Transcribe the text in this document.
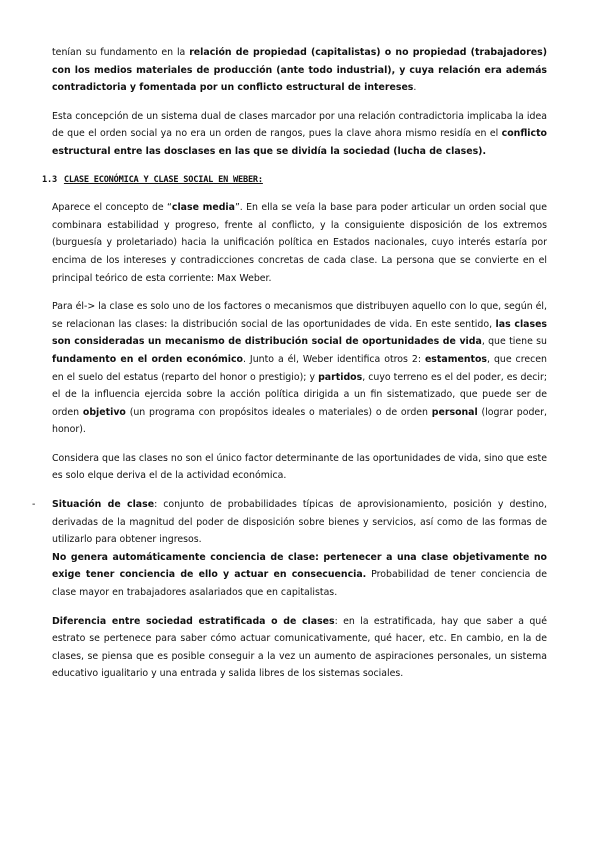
tenían su fundamento en la relación de propiedad (capitalistas) o no propiedad (trabajadores) con los medios materiales de producción (ante todo industrial), y cuya relación era además contradictoria y fomentada por un conflicto estructural de intereses.

Esta concepción de un sistema dual de clases marcador por una relación contradictoria implicaba la idea de que el orden social ya no era un orden de rangos, pues la clave ahora mismo residía en el conflicto estructural entre las dosclases en las que se dividía la sociedad (lucha de clases).

1.3 CLASE ECONÓMICA Y CLASE SOCIAL EN WEBER:

Aparece el concepto de “clase media”. En ella se veía la base para poder articular un orden social que combinara estabilidad y progreso, frente al conflicto, y la consiguiente disposición de los extremos (burguesía y proletariado) hacia la unificación política en Estados nacionales, cuyo interés estaría por encima de los intereses y contradicciones concretas de cada clase. La persona que se convierte en el principal teórico de esta corriente: Max Weber.

Para él-> la clase es solo uno de los factores o mecanismos que distribuyen aquello con lo que, según él, se relacionan las clases: la distribución social de las oportunidades de vida. En este sentido, las clases son consideradas un mecanismo de distribución social de oportunidades de vida, que tiene su fundamento en el orden económico. Junto a él, Weber identifica otros 2: estamentos, que crecen en el suelo del estatus (reparto del honor o prestigio); y partidos, cuyo terreno es el del poder, es decir; el de la influencia ejercida sobre la acción política dirigida a un fin sistematizado, que puede ser de orden objetivo (un programa con propósitos ideales o materiales) o de orden personal (lograr poder, honor).

Considera que las clases no son el único factor determinante de las oportunidades de vida, sino que este es solo elque deriva el de la actividad económica.

- Situación de clase: conjunto de probabilidades típicas de aprovisionamiento, posición y destino, derivadas de la magnitud del poder de disposición sobre bienes y servicios, así como de las formas de utilizarlo para obtener ingresos.

No genera automáticamente conciencia de clase: pertenecer a una clase objetivamente no exige tener conciencia de ello y actuar en consecuencia. Probabilidad de tener conciencia de clase mayor en trabajadores asalariados que en capitalistas.

Diferencia entre sociedad estratificada o de clases: en la estratificada, hay que saber a qué estrato se pertenece para saber cómo actuar comunicativamente, qué hacer, etc. En cambio, en la de clases, se piensa que es posible conseguir a la vez un aumento de aspiraciones personales, un sistema educativo igualitario y una entrada y salida libres de los sistemas sociales.
